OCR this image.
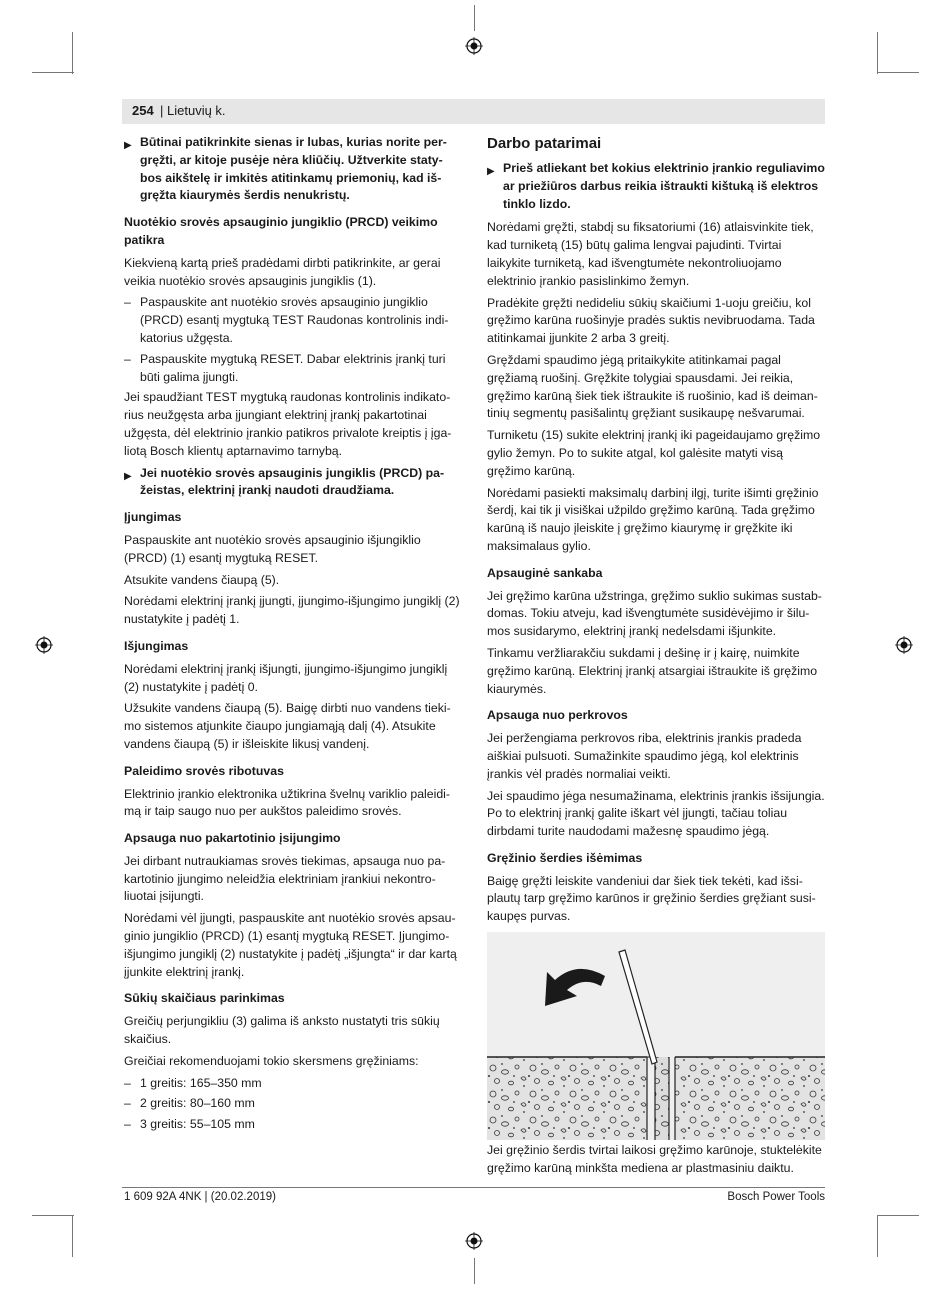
254 | Lietuvių k.
▶ Būtinai patikrinkite sienas ir lubas, kurias norite pergręžti, ar kitoje pusėje nėra kliūčių. Užtverkite statybos aikštelę ir imkitės atitinkamų priemonių, kad išgręžta kiaurymės šerdis nenukristų.
Nuotėkio srovės apsauginio jungiklio (PRCD) veikimo patikra

Kiekvieną kartą prieš pradėdami dirbti patikrinkite, ar gerai veikia nuotėkio srovės apsauginis jungiklis (1).

– Paspauskite ant nuotėkio srovės apsauginio jungiklio (PRCD) esantį mygtuką TEST Raudonas kontrolinis indikatorius užgęsta.
– Paspauskite mygtuką RESET. Dabar elektrinis įrankį turi būti galima įjungti.

Jei spaudžiant TEST mygtuką raudonas kontrolinis indikatorius neužgęsta arba įjungiant elektrinį įrankį pakartotinai užgęsta, dėl elektrinio įrankio patikros privalote kreiptis į įgaliotą Bosch klientų aptarnavimo tarnybą.

▶ Jei nuotėkio srovės apsauginis jungiklis (PRCD) pažeistas, elektrinį įrankį naudoti draudžiama.
Įjungimas

Paspauskite ant nuotėkio srovės apsauginio išjungiklio (PRCD) (1) esantį mygtuką RESET.

Atsukite vandens čiaupą (5).

Norėdami elektrinį įrankį įjungti, įjungimo-išjungimo jungiklį (2) nustatykite į padėtį 1.

Išjungimas

Norėdami elektrinį įrankį išjungti, įjungimo-išjungimo jungiklį (2) nustatykite į padėtį 0.

Užsukite vandens čiaupą (5). Baigę dirbti nuo vandens tiekimo sistemos atjunkite čiaupo jungiamąją dalį (4). Atsukite vandens čiaupą (5) ir išleiskite likusį vandenį.

Paleidimo srovės ribotuvas

Elektrinio įrankio elektronika užtikrina švelnų variklio paleidimą ir taip saugo nuo per aukštos paleidimo srovės.

Apsauga nuo pakartotinio įsijungimo

Jei dirbant nutraukiamas srovės tiekimas, apsauga nuo pakartotinio įjungimo neleidžia elektriniam įrankiui nekontroliuotai įsijungti.

Norėdami vėl įjungti, paspauskite ant nuotėkio srovės apsauginio jungiklio (PRCD) (1) esantį mygtuką RESET. Įjungimo-išjungimo jungiklį (2) nustatykite į padėtį „išjungta“ ir dar kartą įjunkite elektrinį įrankį.

Sūkių skaičiaus parinkimas

Greičių perjungikliu (3) galima iš anksto nustatyti tris sūkių skaičius.

Greičiai rekomenduojami tokio skersmens gręžiniams:

– 1 greitis: 165–350 mm
– 2 greitis: 80–160 mm
– 3 greitis: 55–105 mm
Darbo patarimai
▶ Prieš atliekant bet kokius elektrinio įrankio reguliavimo ar priežiūros darbus reikia ištraukti kištuką iš elektros tinklo lizdo.

Norėdami gręžti, stabdį su fiksatoriumi (16) atlaisvinkite tiek, kad turniketą (15) būtų galima lengvai pajudinti. Tvirtai laikykite turniketą, kad išvengtumėte nekontroliuojamo elektrinio įrankio pasislinkimo žemyn.

Pradėkite gręžti nedideliu sūkių skaičiumi 1-uoju greičiu, kol gręžimo karūna ruošinyje pradės suktis nevibruodama. Tada atitinkamai įjunkite 2 arba 3 greitį.

Gręždami spaudimo jėgą pritaikykite atitinkamai pagal gręžiamą ruošinį. Gręžkite tolygiai spausdami. Jei reikia, gręžimo karūną šiek tiek ištraukite iš ruošinio, kad iš deimantinių segmentų pasišalintų gręžiant susikaupę nešvarumai.

Turniketu (15) sukite elektrinį įrankį iki pageidaujamo gręžimo gylio žemyn. Po to sukite atgal, kol galėsite matyti visą gręžimo karūną.

Norėdami pasiekti maksimalų darbinį ilgį, turite išimti gręžinio šerdį, kai tik ji visiškai užpildo gręžimo karūną. Tada gręžimo karūną iš naujo įleiskite į gręžimo kiaurymę ir gręžkite iki maksimalaus gylio.

Apsauginė sankaba

Jei gręžimo karūna užstringa, gręžimo suklio sukimas sustabdomas. Tokiu atveju, kad išvengtumėte susidėvėjimo ir šilumos susidarymo, elektrinį įrankį nedelsdami išjunkite.

Tinkamu veržliarakčiu sukdami į dešinę ir į kairę, nuimkite gręžimo karūną. Elektrinį įrankį atsargiai ištraukite iš gręžimo kiaurymės.

Apsauga nuo perkrovos

Jei peržengiama perkrovos riba, elektrinis įrankis pradeda aiškiai pulsuoti. Sumažinkite spaudimo jėgą, kol elektrinis įrankis vėl pradės normaliai veikti.

Jei spaudimo jėga nesumažinama, elektrinis įrankis išsijungia. Po to elektrinį įrankį galite iškart vėl įjungti, tačiau toliau dirbdami turite naudodami mažesnę spaudimo jėgą.

Gręžinio šerdies išėmimas

Baigę gręžti leiskite vandeniui dar šiek tiek tekėti, kad išsiplautų tarp gręžimo karūnos ir gręžinio šerdies gręžiant susikaupęs purvas.

Jei gręžinio šerdis tvirtai laikosi gręžimo karūnoje, stuktelėkite gręžimo karūną minkšta mediena ar plastmasiniu daiktu.

1 609 92A 4NK | (20.02.2019)	Bosch Power Tools
